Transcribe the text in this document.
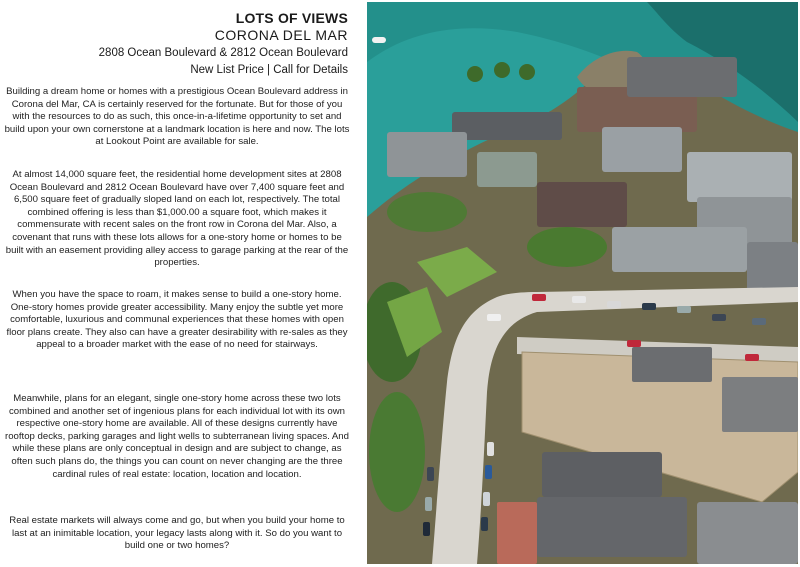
LOTS OF VIEWS
CORONA DEL MAR
2808 Ocean Boulevard & 2812 Ocean Boulevard
New List Price | Call for Details

Building a dream home or homes with a prestigious Ocean Boulevard address in Corona del Mar, CA is certainly reserved for the fortunate. But for those of you with the resources to do as such, this once-in-a-lifetime opportunity to set and build upon your own cornerstone at a landmark location is here and now. The lots at Lookout Point are available for sale.

At almost 14,000 square feet, the residential home development sites at 2808 Ocean Boulevard and 2812 Ocean Boulevard have over 7,400 square feet and 6,500 square feet of gradually sloped land on each lot, respectively. The total combined offering is less than $1,000.00 a square foot, which makes it commensurate with recent sales on the front row in Corona del Mar. Also, a covenant that runs with these lots allows for a one-story home or homes to be built with an easement providing alley access to garage parking at the rear of the properties.

When you have the space to roam, it makes sense to build a one-story home. One-story homes provide greater accessibility. Many enjoy the subtle yet more comfortable, luxurious and communal experiences that these homes with open floor plans create. They also can have a greater desirability with re-sales as they appeal to a broader market with the ease of no need for stairways.

Meanwhile, plans for an elegant, single one-story home across these two lots combined and another set of ingenious plans for each individual lot with its own respective one-story home are available. All of these designs currently have rooftop decks, parking garages and light wells to subterranean living spaces. And while these plans are only conceptual in design and are subject to change, as often such plans do, the things you can count on never changing are the three cardinal rules of real estate: location, location and location.

Real estate markets will always come and go, but when you build your home to last at an inimitable location, your legacy lasts along with it. So do you want to build one or two homes?
